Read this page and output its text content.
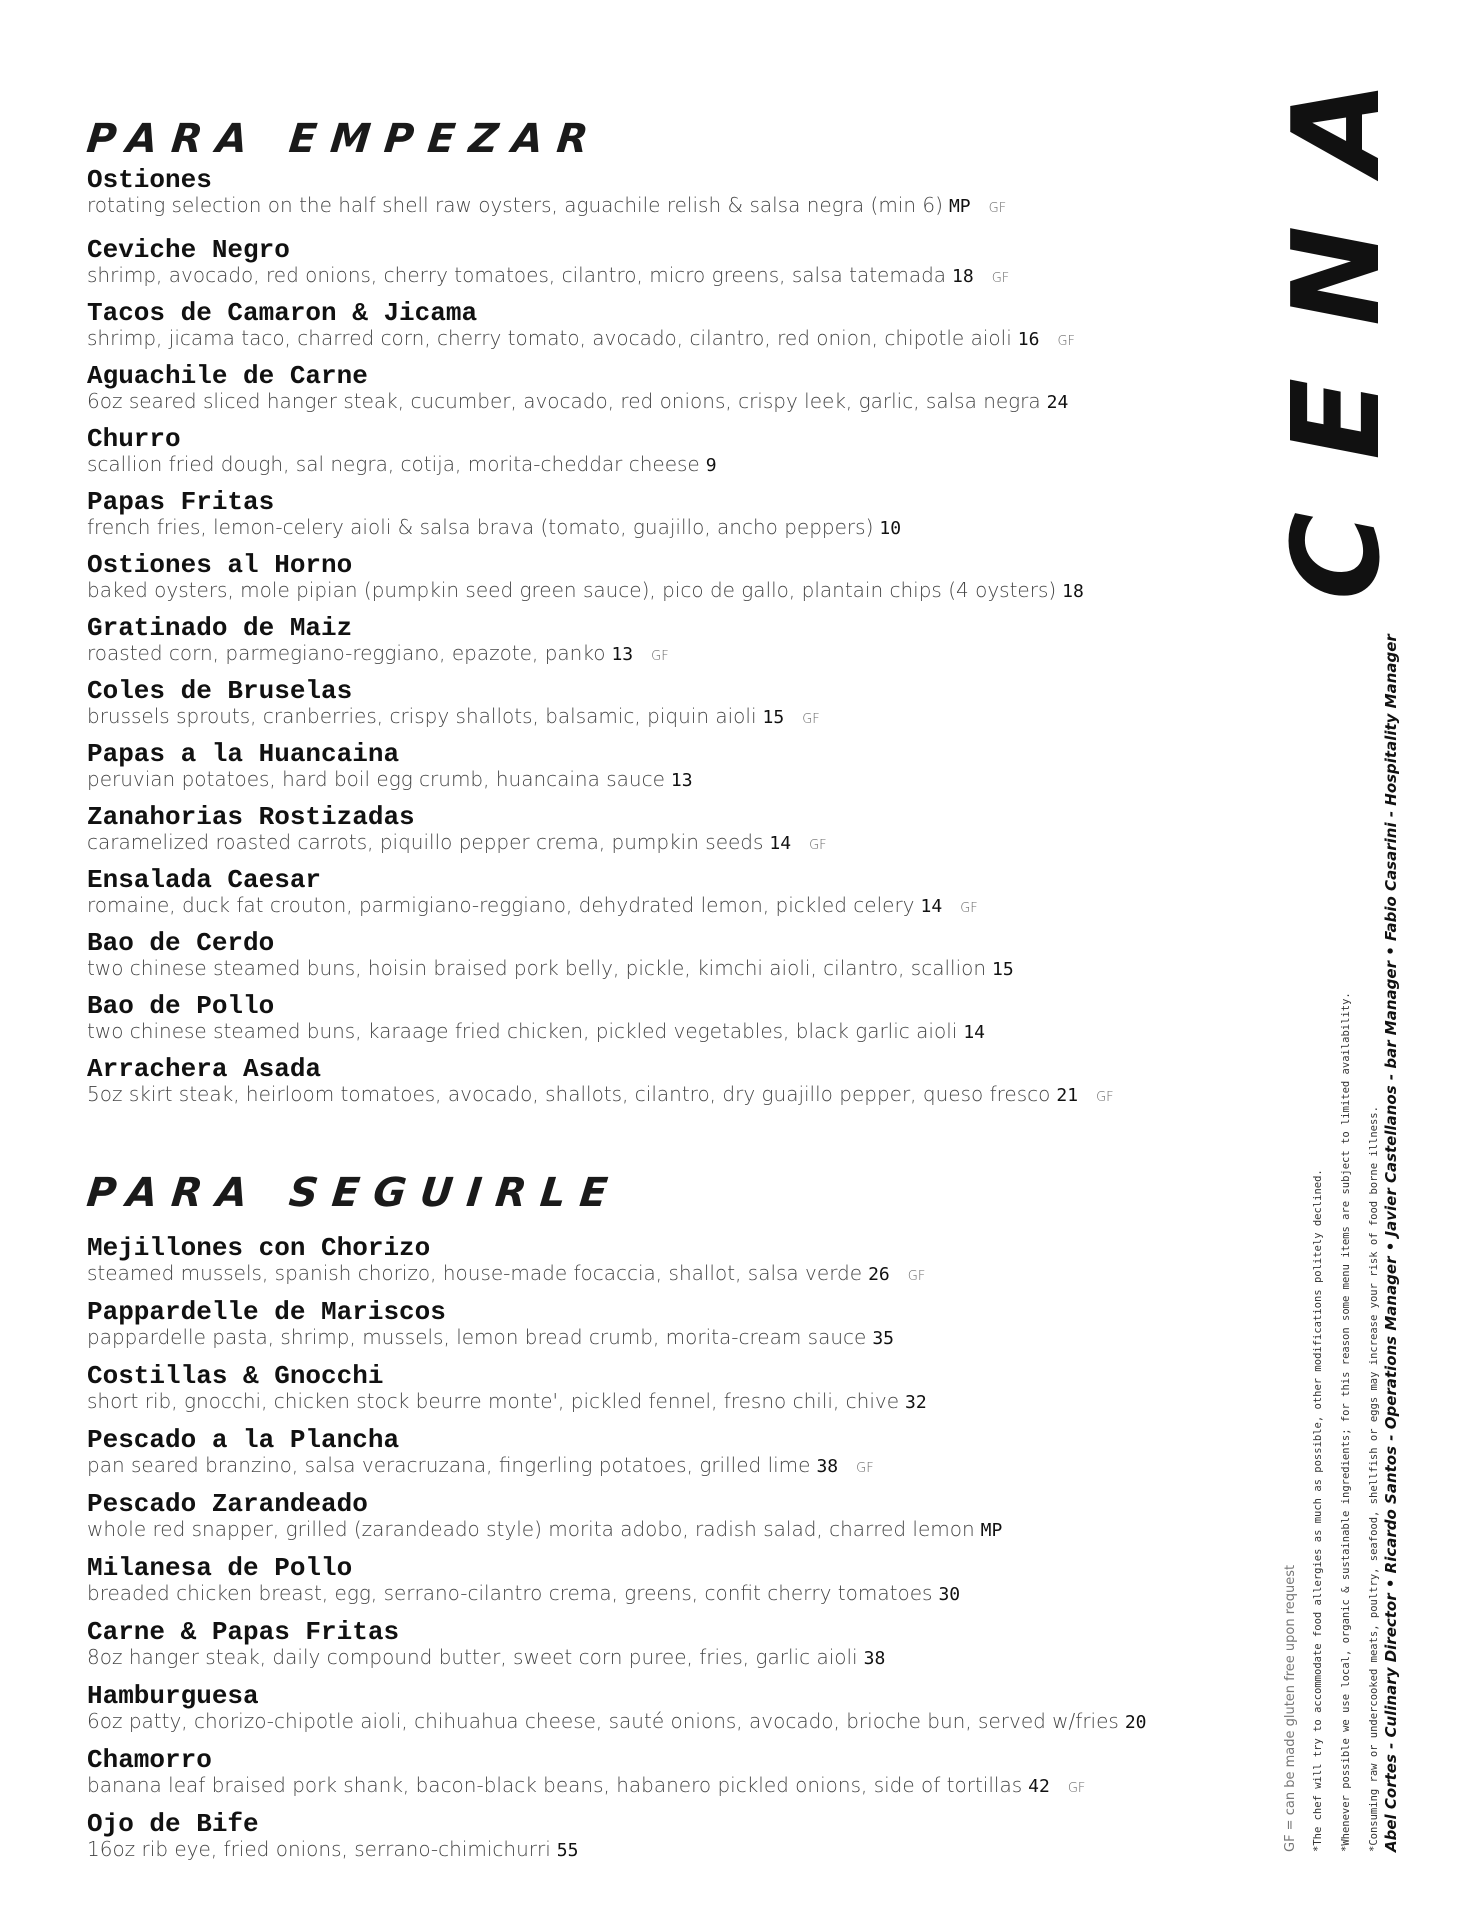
PARA EMPEZAR
Ostiones
rotating selection on the half shell raw oysters, aguachile relish & salsa negra (min 6) MP GF
Ceviche Negro
shrimp, avocado, red onions, cherry tomatoes, cilantro, micro greens, salsa tatemada 18 GF
Tacos de Camaron & Jicama
shrimp, jicama taco, charred corn, cherry tomato, avocado, cilantro, red onion, chipotle aioli 16 GF
Aguachile de Carne
6oz seared sliced hanger steak, cucumber, avocado, red onions, crispy leek, garlic, salsa negra 24
Churro
scallion fried dough, sal negra, cotija, morita-cheddar cheese 9
Papas Fritas
french fries, lemon-celery aioli & salsa brava (tomato, guajillo, ancho peppers) 10
Ostiones al Horno
baked oysters, mole pipian (pumpkin seed green sauce), pico de gallo, plantain chips (4 oysters) 18
Gratinado de Maiz
roasted corn, parmegiano-reggiano, epazote, panko 13 GF
Coles de Bruselas
brussels sprouts, cranberries, crispy shallots, balsamic, piquin aioli 15 GF
Papas a la Huancaina
peruvian potatoes, hard boil egg crumb, huancaina sauce 13
Zanahorias Rostizadas
caramelized roasted carrots, piquillo pepper crema, pumpkin seeds 14 GF
Ensalada Caesar
romaine, duck fat crouton, parmigiano-reggiano, dehydrated lemon, pickled celery 14 GF
Bao de Cerdo
two chinese steamed buns, hoisin braised pork belly, pickle, kimchi aioli, cilantro, scallion 15
Bao de Pollo
two chinese steamed buns, karaage fried chicken, pickled vegetables, black garlic aioli 14
Arrachera Asada
5oz skirt steak, heirloom tomatoes, avocado, shallots, cilantro, dry guajillo pepper, queso fresco 21 GF
PARA SEGUIRLE
Mejillones con Chorizo
steamed mussels, spanish chorizo, house-made focaccia, shallot, salsa verde 26 GF
Pappardelle de Mariscos
pappardelle pasta, shrimp, mussels, lemon bread crumb, morita-cream sauce 35
Costillas & Gnocchi
short rib, gnocchi, chicken stock beurre monte', pickled fennel, fresno chili, chive 32
Pescado a la Plancha
pan seared branzino, salsa veracruzana, fingerling potatoes, grilled lime 38 GF
Pescado Zarandeado
whole red snapper, grilled (zarandeado style) morita adobo, radish salad, charred lemon MP
Milanesa de Pollo
breaded chicken breast, egg, serrano-cilantro crema, greens, confit cherry tomatoes 30
Carne & Papas Fritas
8oz hanger steak, daily compound butter, sweet corn puree, fries, garlic aioli 38
Hamburguesa
6oz patty, chorizo-chipotle aioli, chihuahua cheese, sauté onions, avocado, brioche bun, served w/fries 20
Chamorro
banana leaf braised pork shank, bacon-black beans, habanero pickled onions, side of tortillas 42 GF
Ojo de Bife
16oz rib eye, fried onions, serrano-chimichurri 55
CENA
GF = can be made gluten free upon request *The chef will try to accommodate food allergies as much as possible, other modifications politely declined. *Whenever possible we use local, organic & sustainable ingredients; for this reason some menu items are subject to limited availability. *Consuming raw or undercooked meats, poultry, seafood, shellfish or eggs may increase your risk of food borne illness. Abel Cortes - Culinary Director • Ricardo Santos - Operations Manager • Javier Castellanos - bar Manager • Fabio Casarini - Hospitality Manager
